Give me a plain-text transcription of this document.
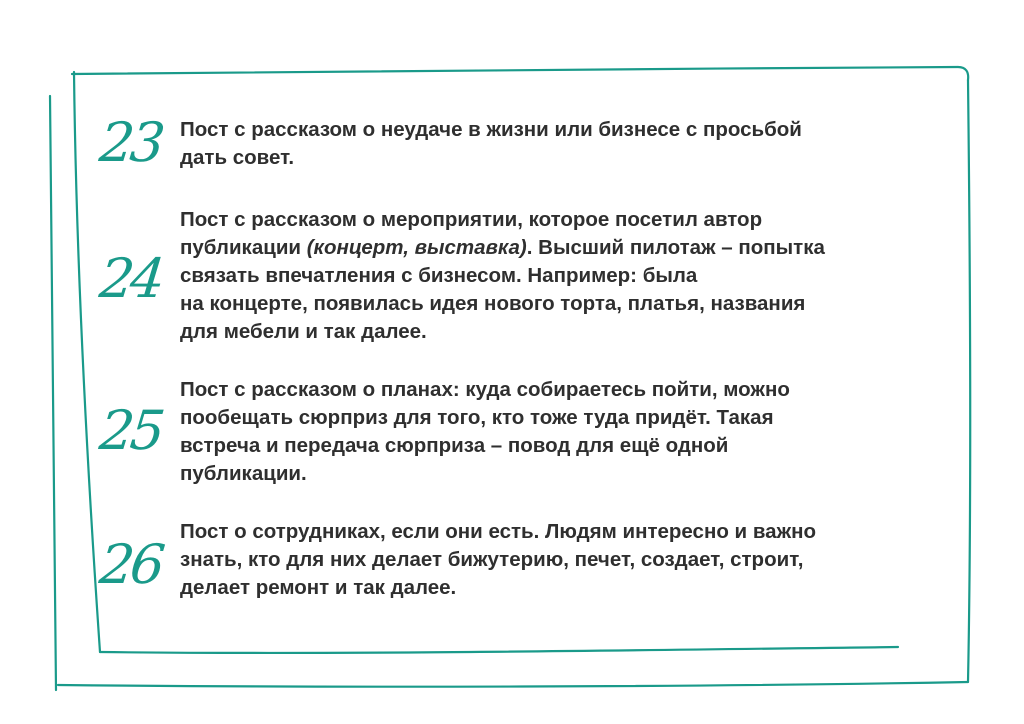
23 Пост с рассказом о неудаче в жизни или бизнесе с просьбой
дать совет.
24
Пост с рассказом о мероприятии, которое посетил автор
публикации (концерт, выставка). Высший пилотаж – попытка
связать впечатления с бизнесом. Например: была
на концерте, появилась идея нового торта, платья, названия
для мебели и так далее.
25
Пост с рассказом о планах: куда собираетесь пойти, можно
пообещать сюрприз для того, кто тоже туда придёт. Такая
встреча и передача сюрприза – повод для ещё одной
публикации.
26
Пост о сотрудниках, если они есть. Людям интересно и важно
знать, кто для них делает бижутерию, печет, создает, строит,
делает ремонт и так далее.
